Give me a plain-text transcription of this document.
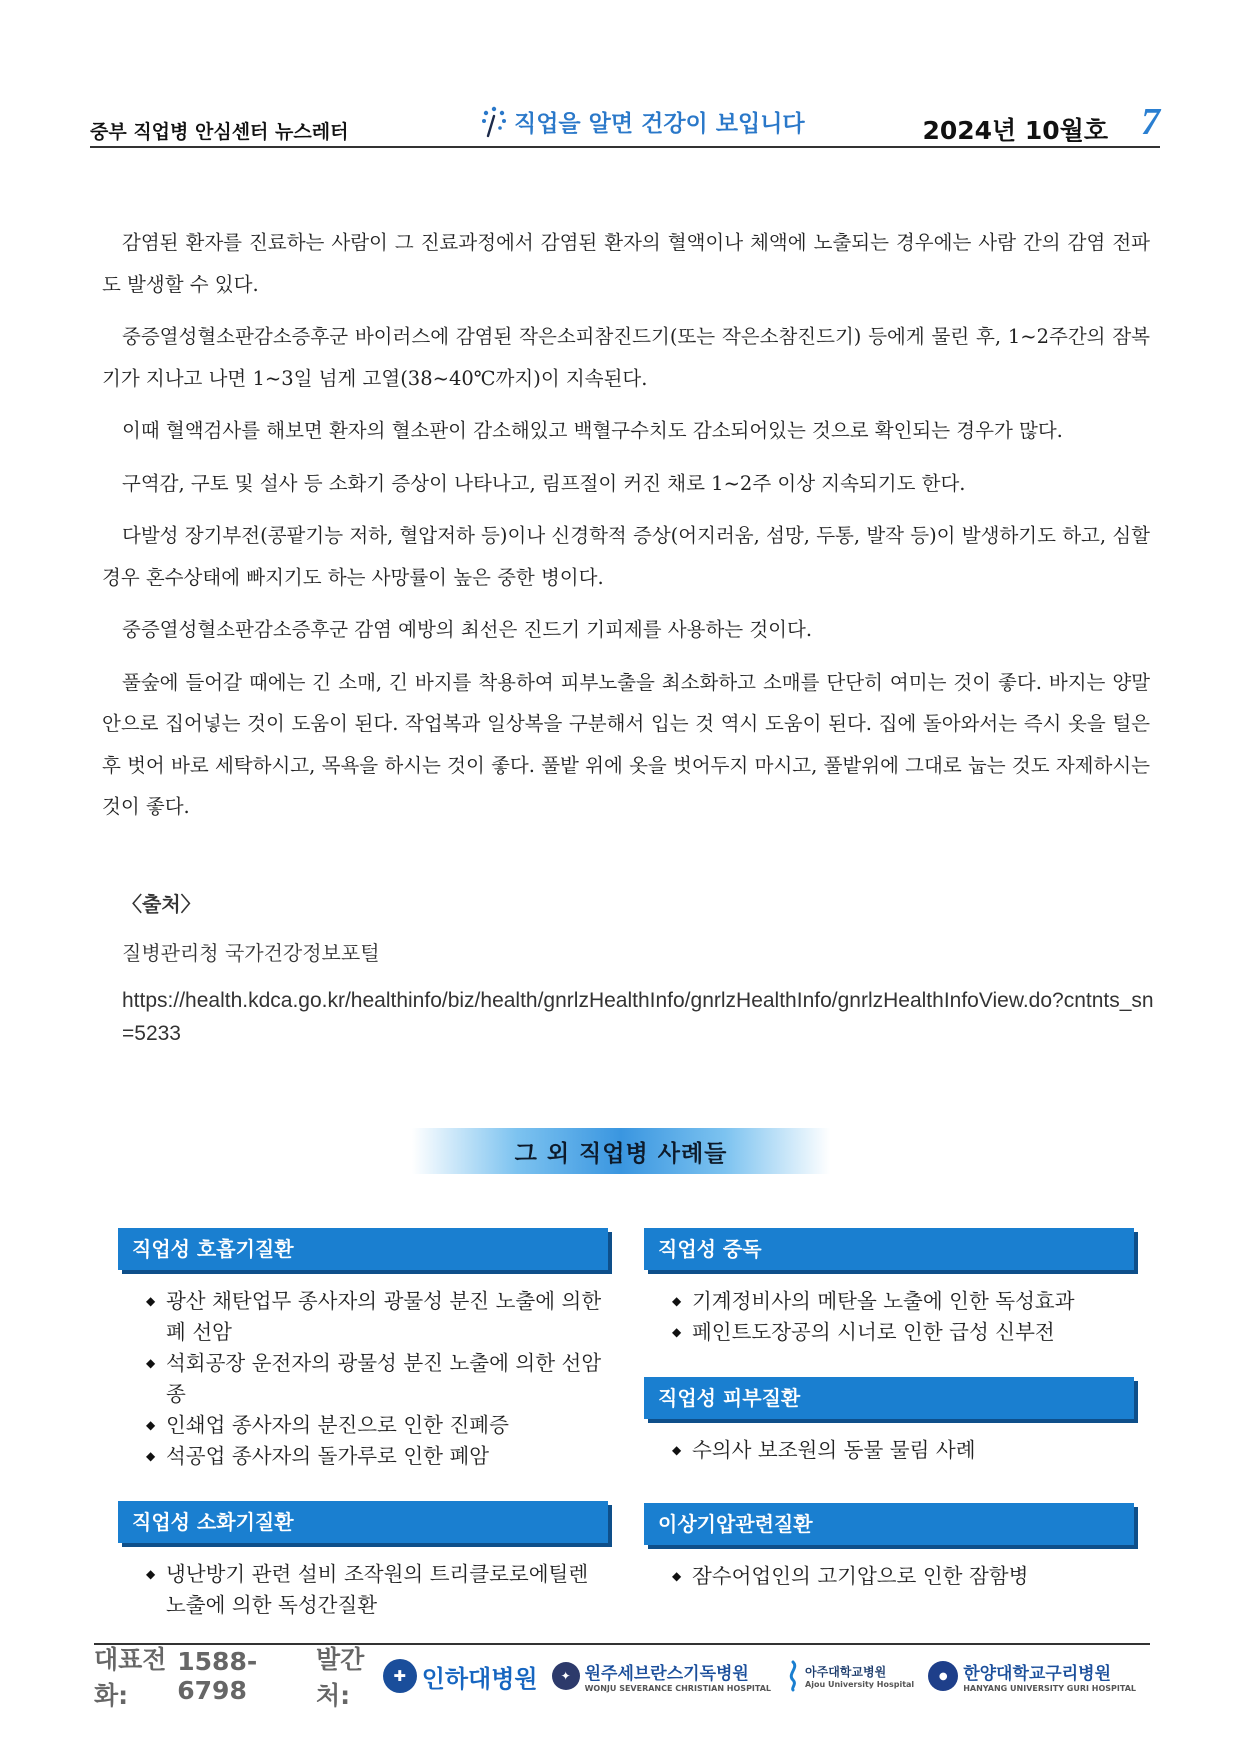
중부 직업병 안심센터 뉴스레터	직업을 알면 건강이 보입니다	2024년 10월호 7

감염된 환자를 진료하는 사람이 그 진료과정에서 감염된 환자의 혈액이나 체액에 노출되는 경우에는 사람 간의 감염 전파도 발생할 수 있다.

중증열성혈소판감소증후군 바이러스에 감염된 작은소피참진드기(또는 작은소참진드기) 등에게 물린 후, 1~2주간의 잠복기가 지나고 나면 1~3일 넘게 고열(38~40℃까지)이 지속된다.

이때 혈액검사를 해보면 환자의 혈소판이 감소해있고 백혈구수치도 감소되어있는 것으로 확인되는 경우가 많다.

구역감, 구토 및 설사 등 소화기 증상이 나타나고, 림프절이 커진 채로 1~2주 이상 지속되기도 한다.

다발성 장기부전(콩팥기능 저하, 혈압저하 등)이나 신경학적 증상(어지러움, 섬망, 두통, 발작 등)이 발생하기도 하고, 심할 경우 혼수상태에 빠지기도 하는 사망률이 높은 중한 병이다.

중증열성혈소판감소증후군 감염 예방의 최선은 진드기 기피제를 사용하는 것이다.

풀숲에 들어갈 때에는 긴 소매, 긴 바지를 착용하여 피부노출을 최소화하고 소매를 단단히 여미는 것이 좋다. 바지는 양말 안으로 집어넣는 것이 도움이 된다. 작업복과 일상복을 구분해서 입는 것 역시 도움이 된다. 집에 돌아와서는 즉시 옷을 털은 후 벗어 바로 세탁하시고, 목욕을 하시는 것이 좋다. 풀밭 위에 옷을 벗어두지 마시고, 풀밭위에 그대로 눕는 것도 자제하시는 것이 좋다.

〈출처〉
질병관리청 국가건강정보포털
https://health.kdca.go.kr/healthinfo/biz/health/gnrlzHealthInfo/gnrlzHealthInfo/gnrlzHealthInfoView.do?cntnts_sn=5233
그 외 직업병 사례들
직업성 호흡기질환
◆ 광산 채탄업무 종사자의 광물성 분진 노출에 의한 폐 선암
◆ 석회공장 운전자의 광물성 분진 노출에 의한 선암종
◆ 인쇄업 종사자의 분진으로 인한 진폐증
◆ 석공업 종사자의 돌가루로 인한 폐암
직업성 소화기질환
◆ 냉난방기 관련 설비 조작원의 트리클로로에틸렌 노출에 의한 독성간질환
직업성 중독
◆ 기계정비사의 메탄올 노출에 인한 독성효과
◆ 페인트도장공의 시너로 인한 급성 신부전
직업성 피부질환
◆ 수의사 보조원의 동물 물림 사례
이상기압관련질환
◆ 잠수어업인의 고기압으로 인한 잠함병
대표전화:
1588-6798
발간처:
✚ 인하대병원	✦ 원주세브란스기독병원
WONJU SEVERANCE CHRISTIAN HOSPITAL
아주대학교병원
Ajou University Hospital
● 한양대학교구리병원
HANYANG UNIVERSITY GURI HOSPITAL
